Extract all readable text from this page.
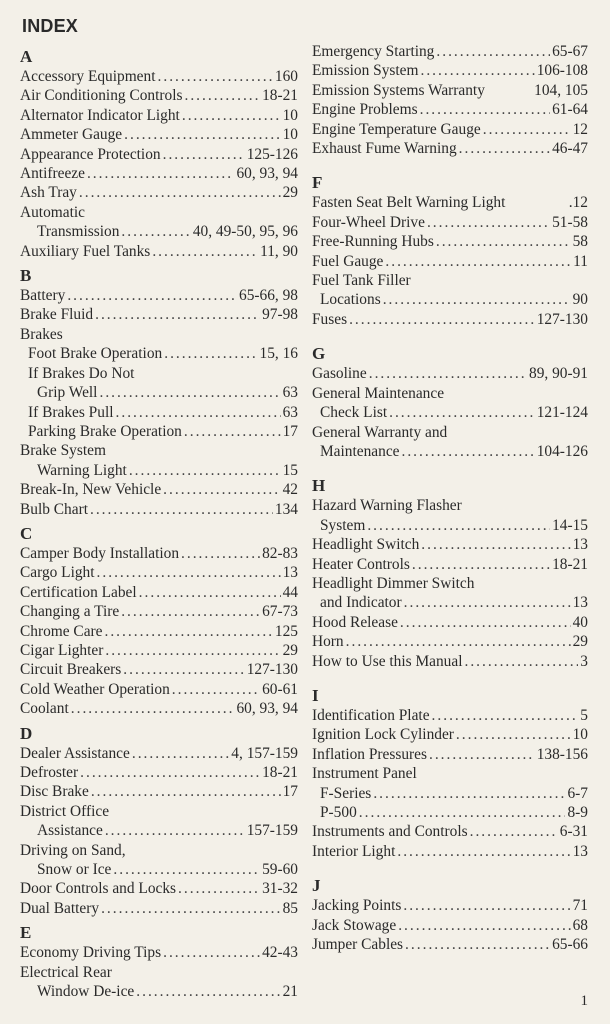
INDEX
A
Accessory Equipment .....	160
Air Conditioning Controls .....	18-21
Alternator Indicator Light .....	10
Ammeter Gauge .....	10
Appearance Protection .....	125-126
Antifreeze .....	60, 93, 94
Ash Tray .....	29
Automatic
Transmission .....	40, 49-50, 95, 96
Auxiliary Fuel Tanks .....	11, 90
B
Battery .....	65-66, 98
Brake Fluid .....	97-98
Brakes
Foot Brake Operation .....	15, 16
If Brakes Do Not
Grip Well .....	63
If Brakes Pull .....	63
Parking Brake Operation .....	17
Brake System
Warning Light .....	15
Break-In, New Vehicle .....	42
Bulb Chart .....	134
C
Camper Body Installation .....	82-83
Cargo Light .....	13
Certification Label .....	44
Changing a Tire .....	67-73
Chrome Care .....	125
Cigar Lighter .....	29
Circuit Breakers .....	127-130
Cold Weather Operation .....	60-61
Coolant .....	60, 93, 94
D
Dealer Assistance .....	4, 157-159
Defroster .....	18-21
Disc Brake .....	17
District Office
Assistance .....	157-159
Driving on Sand,
Snow or Ice .....	59-60
Door Controls and Locks .....	31-32
Dual Battery .....	85
E
Economy Driving Tips .....	42-43
Electrical Rear
Window De-ice .....	21
Emergency Starting .....	65-67
Emission System .....	106-108
Emission Systems Warranty	104, 105
Engine Problems .....	61-64
Engine Temperature Gauge .....	12
Exhaust Fume Warning .....	46-47
F
Fasten Seat Belt Warning Light	.12
Four-Wheel Drive .....	51-58
Free-Running Hubs .....	58
Fuel Gauge .....	11
Fuel Tank Filler
Locations .....	90
Fuses .....	127-130
G
Gasoline .....	89, 90-91
General Maintenance
Check List .....	121-124
General Warranty and
Maintenance .....	104-126
H
Hazard Warning Flasher
System .....	14-15
Headlight Switch .....	13
Heater Controls .....	18-21
Headlight Dimmer Switch
and Indicator .....	13
Hood Release .....	40
Horn .....	29
How to Use this Manual .....	3
I
Identification Plate .....	5
Ignition Lock Cylinder .....	10
Inflation Pressures .....	138-156
Instrument Panel
F-Series .....	6-7
P-500 .....	8-9
Instruments and Controls .....	6-31
Interior Light .....	13
J
Jacking Points .....	71
Jack Stowage .....	68
Jumper Cables .....	65-66
1
